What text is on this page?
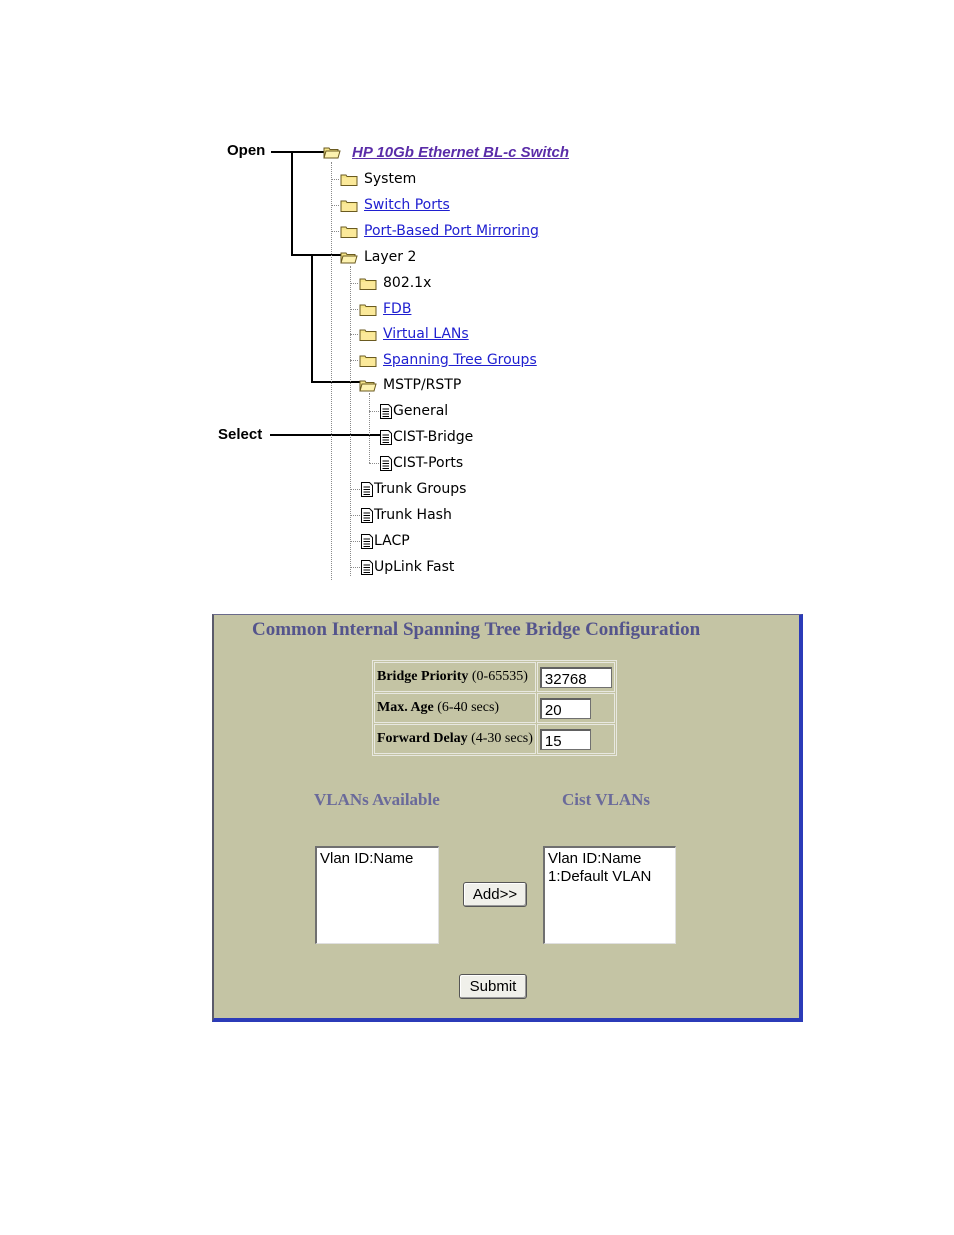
Open
Select
HP 10Gb Ethernet BL-c Switch
System
Switch Ports
Port-Based Port Mirroring
Layer 2
802.1x
FDB
Virtual LANs
Spanning Tree Groups
MSTP/RSTP
General
CIST-Bridge
CIST-Ports
Trunk Groups
Trunk Hash
LACP
UpLink Fast
Common Internal Spanning Tree Bridge Configuration
Bridge Priority (0-65535)	32768

Max. Age (6-40 secs)	20

Forward Delay (4-30 secs)	15
VLANs Available	Cist VLANs
Vlan ID:Name
Add>>
Vlan ID:Name
1:Default VLAN
Submit
